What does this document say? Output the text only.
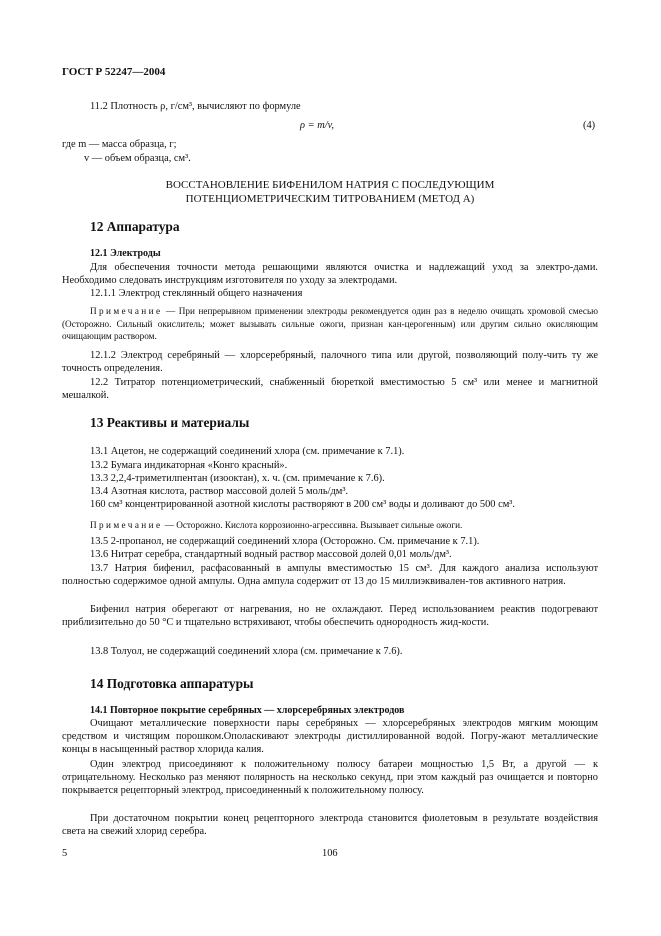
ГОСТ Р 52247—2004
11.2 Плотность ρ, г/см³, вычисляют по формуле
ρ = m/v,	(4)
где m — масса образца, г;
v — объем образца, см³.
ВОССТАНОВЛЕНИЕ БИФЕНИЛОМ НАТРИЯ С ПОСЛЕДУЮЩИМ
ПОТЕНЦИОМЕТРИЧЕСКИМ ТИТРОВАНИЕМ (МЕТОД А)
12 Аппаратура
12.1 Электроды
Для обеспечения точности метода решающими являются очистка и надлежащий уход за электро-дами. Необходимо следовать инструкциям изготовителя по уходу за электродами.
12.1.1 Электрод стеклянный общего назначения
Примечание — При непрерывном применении электроды рекомендуется один раз в неделю очищать хромовой смесью (Осторожно. Сильный окислитель; может вызывать сильные ожоги, признан кан-церогенным) или другим сильно окисляющим очищающим раствором.
12.1.2 Электрод серебряный — хлорсеребряный, палочного типа или другой, позволяющий полу-чить ту же точность определения.
12.2 Титратор потенциометрический, снабженный бюреткой вместимостью 5 см³ или менее и магнитной мешалкой.
13 Реактивы и материалы
13.1 Ацетон, не содержащий соединений хлора (см. примечание к 7.1).
13.2 Бумага индикаторная «Конго красный».
13.3 2,2,4-триметилпентан (изооктан), х. ч. (см. примечание к 7.6).
13.4 Азотная кислота, раствор массовой долей 5 моль/дм³.
160 см³ концентрированной азотной кислоты растворяют в 200 см³ воды и доливают до 500 см³.
Примечание — Осторожно. Кислота коррозионно-агрессивна. Вызывает сильные ожоги.
13.5 2-пропанол, не содержащий соединений хлора (Осторожно. См. примечание к 7.1).
13.6 Нитрат серебра, стандартный водный раствор массовой долей 0,01 моль/дм³.
13.7 Натрия бифенил, расфасованный в ампулы вместимостью 15 см³. Для каждого анализа используют полностью содержимое одной ампулы. Одна ампула содержит от 13 до 15 миллиэквивален-тов активного натрия.
Бифенил натрия оберегают от нагревания, но не охлаждают. Перед использованием реактив подогревают приблизительно до 50 °С и тщательно встряхивают, чтобы обеспечить однородность жид-кости.
13.8 Толуол, не содержащий соединений хлора (см. примечание к 7.6).
14 Подготовка аппаратуры
14.1 Повторное покрытие серебряных — хлорсеребряных электродов
Очищают металлические поверхности пары серебряных — хлорсеребряных электродов мягким моющим средством и чистящим порошком.Ополаскивают электроды дистиллированной водой. Погру-жают металлические концы в насыщенный раствор хлорида калия.
Один электрод присоединяют к положительному полюсу батареи мощностью 1,5 Вт, а другой — к отрицательному. Несколько раз меняют полярность на несколько секунд, при этом каждый раз очищается и повторно покрывается рецепторный электрод, присоединенный к положительному полюсу.
При достаточном покрытии конец рецепторного электрода становится фиолетовым в результате воздействия света на свежий хлорид серебра.
5	106
